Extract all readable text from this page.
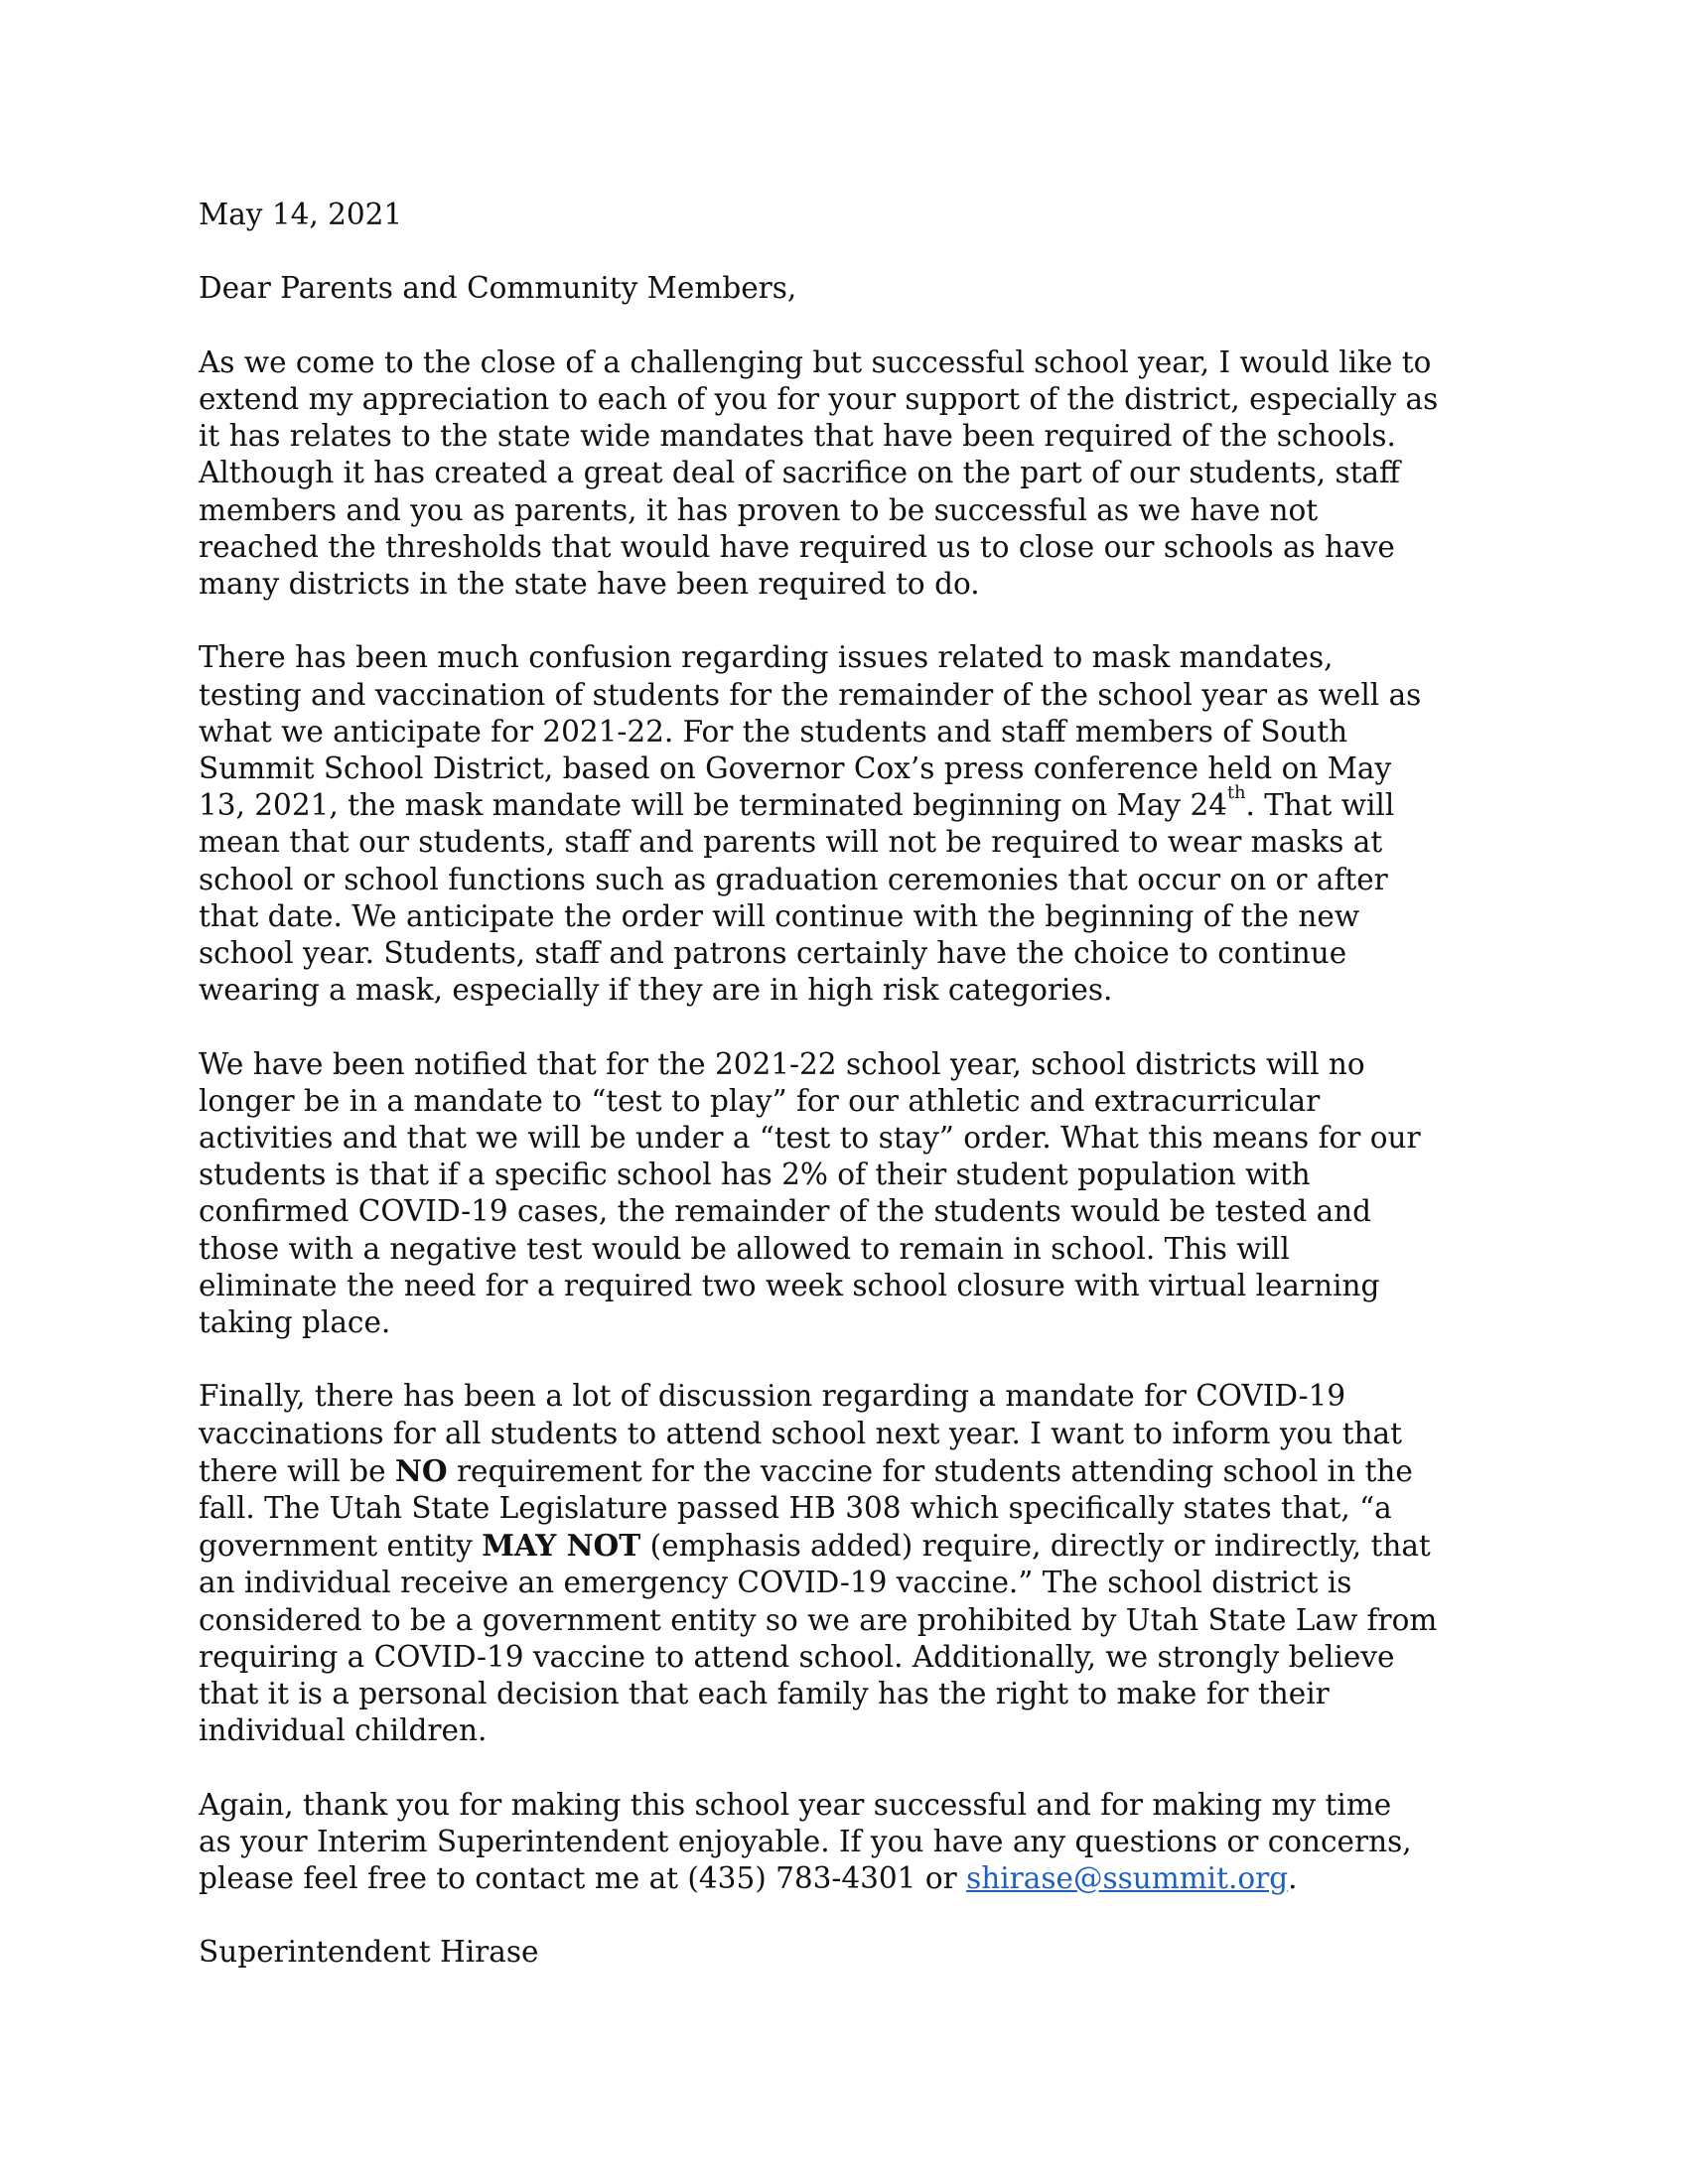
May 14, 2021

Dear Parents and Community Members,

As we come to the close of a challenging but successful school year, I would like to
extend my appreciation to each of you for your support of the district, especially as
it has relates to the state wide mandates that have been required of the schools.
Although it has created a great deal of sacrifice on the part of our students, staff
members and you as parents, it has proven to be successful as we have not
reached the thresholds that would have required us to close our schools as have
many districts in the state have been required to do.

There has been much confusion regarding issues related to mask mandates,
testing and vaccination of students for the remainder of the school year as well as
what we anticipate for 2021-22. For the students and staff members of South
Summit School District, based on Governor Cox’s press conference held on May
13, 2021, the mask mandate will be terminated beginning on May 24th. That will
mean that our students, staff and parents will not be required to wear masks at
school or school functions such as graduation ceremonies that occur on or after
that date. We anticipate the order will continue with the beginning of the new
school year. Students, staff and patrons certainly have the choice to continue
wearing a mask, especially if they are in high risk categories.

We have been notified that for the 2021-22 school year, school districts will no
longer be in a mandate to “test to play” for our athletic and extracurricular
activities and that we will be under a “test to stay” order. What this means for our
students is that if a specific school has 2% of their student population with
confirmed COVID-19 cases, the remainder of the students would be tested and
those with a negative test would be allowed to remain in school. This will
eliminate the need for a required two week school closure with virtual learning
taking place.

Finally, there has been a lot of discussion regarding a mandate for COVID-19
vaccinations for all students to attend school next year. I want to inform you that
there will be NO requirement for the vaccine for students attending school in the
fall. The Utah State Legislature passed HB 308 which specifically states that, “a
government entity MAY NOT (emphasis added) require, directly or indirectly, that
an individual receive an emergency COVID-19 vaccine.” The school district is
considered to be a government entity so we are prohibited by Utah State Law from
requiring a COVID-19 vaccine to attend school. Additionally, we strongly believe
that it is a personal decision that each family has the right to make for their
individual children.

Again, thank you for making this school year successful and for making my time
as your Interim Superintendent enjoyable. If you have any questions or concerns,
please feel free to contact me at (435) 783-4301 or shirase@ssummit.org.

Superintendent Hirase
